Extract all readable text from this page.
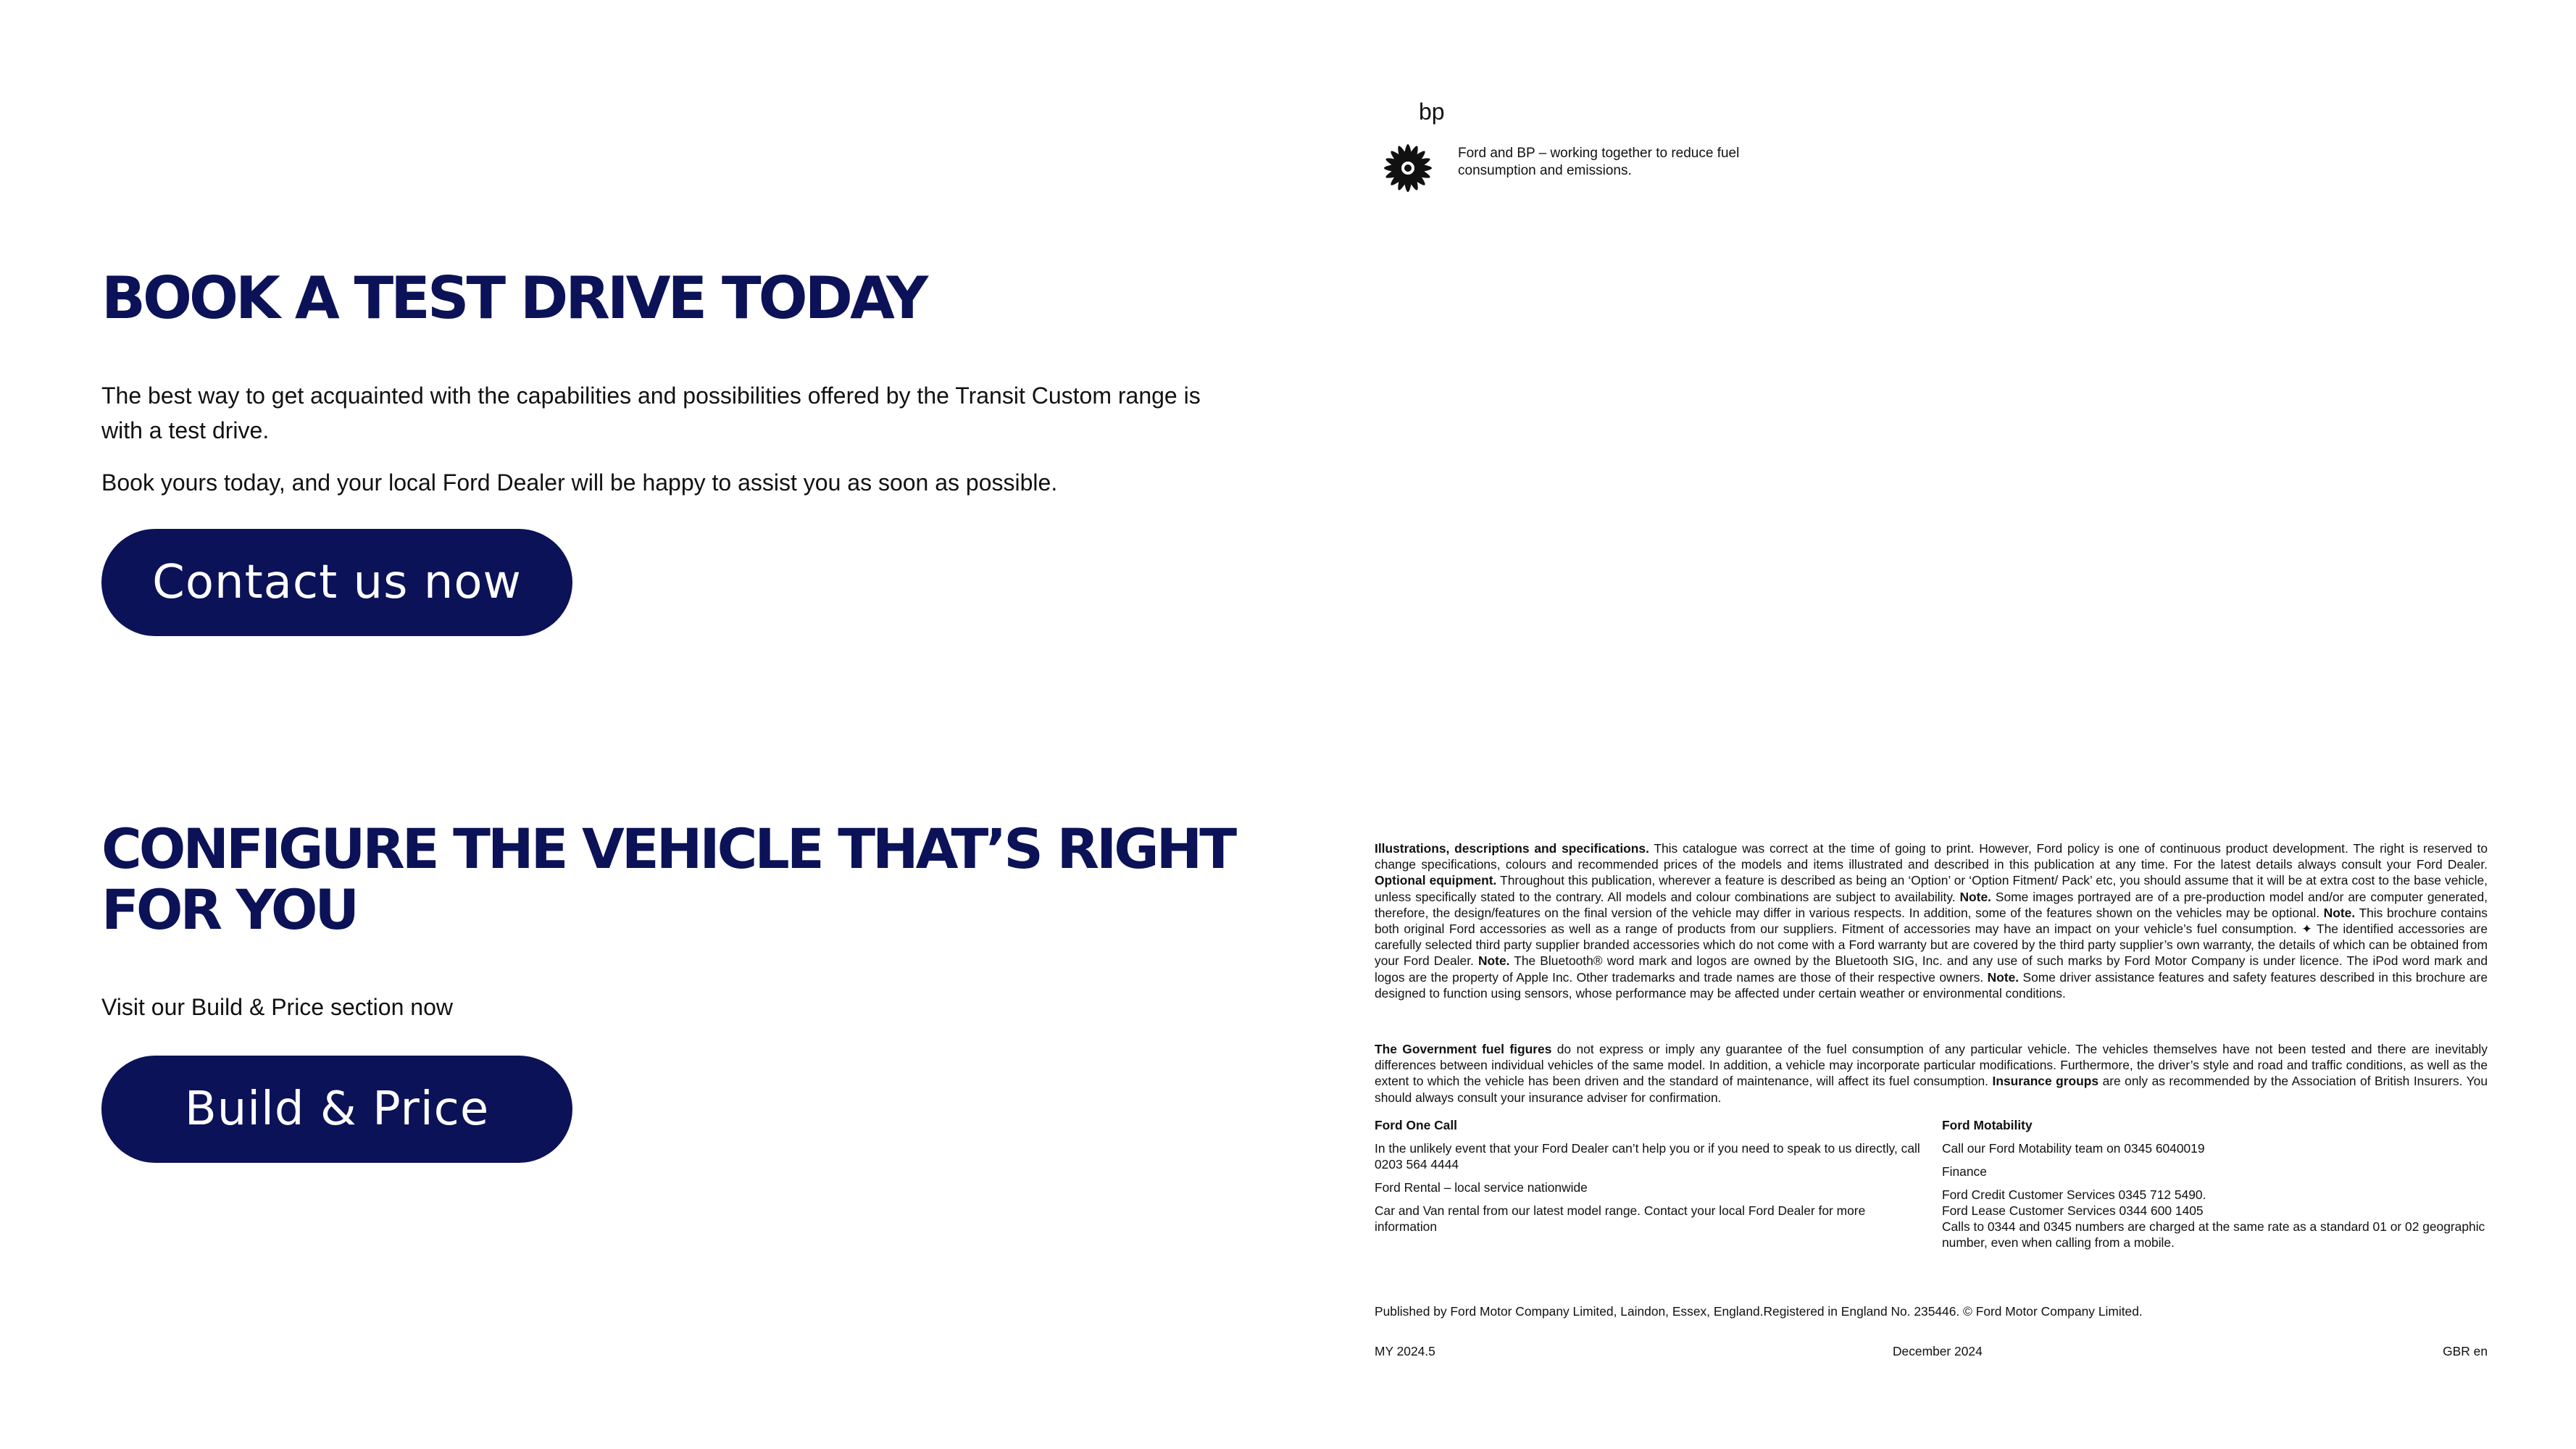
bp
Ford and BP – working together to reduce fuel consumption and emissions.
BOOK A TEST DRIVE TODAY

The best way to get acquainted with the capabilities and possibilities offered by the Transit Custom range is with a test drive.

Book yours today, and your local Ford Dealer will be happy to assist you as soon as possible.

Contact us now
CONFIGURE THE VEHICLE THAT’S RIGHT FOR YOU

Visit our Build & Price section now

Build & Price

Illustrations, descriptions and specifications. This catalogue was correct at the time of going to print. However, Ford policy is one of continuous product development. The right is reserved to change specifications, colours and recommended prices of the models and items illustrated and described in this publication at any time. For the latest details always consult your Ford Dealer. Optional equipment. Throughout this publication, wherever a feature is described as being an ‘Option’ or ‘Option Fitment/ Pack’ etc, you should assume that it will be at extra cost to the base vehicle, unless specifically stated to the contrary. All models and colour combinations are subject to availability. Note. Some images portrayed are of a pre-production model and/or are computer generated, therefore, the design/features on the final version of the vehicle may differ in various respects. In addition, some of the features shown on the vehicles may be optional. Note. This brochure contains both original Ford accessories as well as a range of products from our suppliers. Fitment of accessories may have an impact on your vehicle’s fuel consumption. ✦ The identified accessories are carefully selected third party supplier branded accessories which do not come with a Ford warranty but are covered by the third party supplier’s own warranty, the details of which can be obtained from your Ford Dealer. Note. The Bluetooth® word mark and logos are owned by the Bluetooth SIG, Inc. and any use of such marks by Ford Motor Company is under licence. The iPod word mark and logos are the property of Apple Inc. Other trademarks and trade names are those of their respective owners. Note. Some driver assistance features and safety features described in this brochure are designed to function using sensors, whose performance may be affected under certain weather or environmental conditions.

The Government fuel figures do not express or imply any guarantee of the fuel consumption of any particular vehicle. The vehicles themselves have not been tested and there are inevitably differences between individual vehicles of the same model. In addition, a vehicle may incorporate particular modifications. Furthermore, the driver’s style and road and traffic conditions, as well as the extent to which the vehicle has been driven and the standard of maintenance, will affect its fuel consumption. Insurance groups are only as recommended by the Association of British Insurers. You should always consult your insurance adviser for confirmation.

Ford One Call

In the unlikely event that your Ford Dealer can’t help you or if you need to speak to us directly, call 0203 564 4444

Ford Rental – local service nationwide

Car and Van rental from our latest model range. Contact your local Ford Dealer for more information

Ford Motability

Call our Ford Motability team on 0345 6040019

Finance

Ford Credit Customer Services 0345 712 5490.

Ford Lease Customer Services 0344 600 1405

Calls to 0344 and 0345 numbers are charged at the same rate as a standard 01 or 02 geographic number, even when calling from a mobile.

Published by Ford Motor Company Limited, Laindon, Essex, England.Registered in England No. 235446. © Ford Motor Company Limited.
MY 2024.5	December 2024	GBR en
